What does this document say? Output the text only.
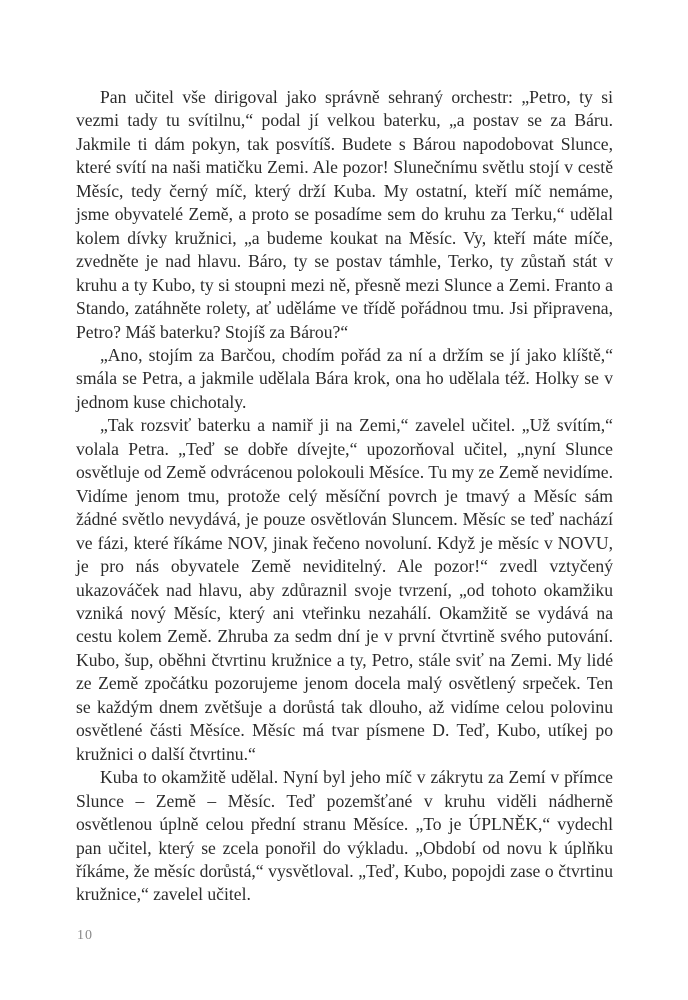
Pan učitel vše dirigoval jako správně sehraný orchestr: „Petro, ty si vezmi tady tu svítilnu,“ podal jí velkou baterku, „a postav se za Báru. Jakmile ti dám pokyn, tak posvítíš. Budete s Bárou napodobovat Slunce, které svítí na naši matičku Zemi. Ale pozor! Slunečnímu světlu stojí v cestě Měsíc, tedy černý míč, který drží Kuba. My ostatní, kteří míč nemáme, jsme obyvatelé Země, a proto se posadíme sem do kruhu za Terku,“ udělal kolem dívky kružnici, „a budeme koukat na Měsíc. Vy, kteří máte míče, zvedněte je nad hlavu. Báro, ty se postav támhle, Terko, ty zůstaň stát v kruhu a ty Kubo, ty si stoupni mezi ně, přesně mezi Slunce a Zemi. Franto a Stando, zatáhněte rolety, ať uděláme ve třídě pořádnou tmu. Jsi připravena, Petro? Máš baterku? Stojíš za Bárou?“

„Ano, stojím za Barčou, chodím pořád za ní a držím se jí jako klíště,“ smála se Petra, a jakmile udělala Bára krok, ona ho udělala též. Holky se v jednom kuse chichotaly.

„Tak rozsviť baterku a namiř ji na Zemi,“ zavelel učitel. „Už svítím,“ volala Petra. „Teď se dobře dívejte,“ upozorňoval učitel, „nyní Slunce osvětluje od Země odvrácenou polokouli Měsíce. Tu my ze Země nevidíme. Vidíme jenom tmu, protože celý měsíční povrch je tmavý a Měsíc sám žádné světlo nevydává, je pouze osvětlován Sluncem. Měsíc se teď nachází ve fázi, které říkáme NOV, jinak řečeno novoluní. Když je měsíc v NOVU, je pro nás obyvatele Země neviditelný. Ale pozor!“ zvedl vztyčený ukazováček nad hlavu, aby zdůraznil svoje tvrzení, „od tohoto okamžiku vzniká nový Měsíc, který ani vteřinku nezahálí. Okamžitě se vydává na cestu kolem Země. Zhruba za sedm dní je v první čtvrtině svého putování. Kubo, šup, oběhni čtvrtinu kružnice a ty, Petro, stále sviť na Zemi. My lidé ze Země zpočátku pozorujeme jenom docela malý osvětlený srpeček. Ten se každým dnem zvětšuje a dorůstá tak dlouho, až vidíme celou polovinu osvětlené části Měsíce. Měsíc má tvar písmene D. Teď, Kubo, utíkej po kružnici o další čtvrtinu.“

Kuba to okamžitě udělal. Nyní byl jeho míč v zákrytu za Zemí v přímce Slunce – Země – Měsíc. Teď pozemšťané v kruhu viděli nádherně osvětlenou úplně celou přední stranu Měsíce. „To je ÚPLNĚK,“ vydechl pan učitel, který se zcela ponořil do výkladu. „Období od novu k úplňku říkáme, že měsíc dorůstá,“ vysvětloval. „Teď, Kubo, popojdi zase o čtvrtinu kružnice,“ zavelel učitel.

10
